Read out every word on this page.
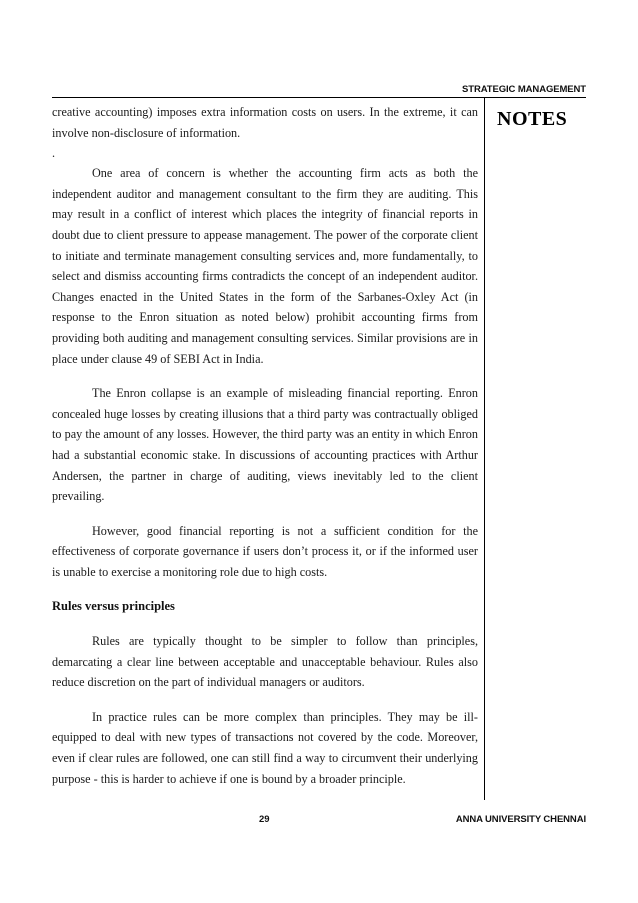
STRATEGIC MANAGEMENT
NOTES

creative accounting) imposes extra information costs on users. In the extreme, it can involve non-disclosure of information.

.

One area of concern is whether the accounting firm acts as both the independent auditor and management consultant to the firm they are auditing. This may result in a conflict of interest which places the integrity of financial reports in doubt due to client pressure to appease management. The power of the corporate client to initiate and terminate management consulting services and, more fundamentally, to select and dismiss accounting firms contradicts the concept of an independent auditor. Changes enacted in the United States in the form of the Sarbanes-Oxley Act (in response to the Enron situation as noted below) prohibit accounting firms from providing both auditing and management consulting services. Similar provisions are in place under clause 49 of SEBI Act in India.

The Enron collapse is an example of misleading financial reporting. Enron concealed huge losses by creating illusions that a third party was contractually obliged to pay the amount of any losses. However, the third party was an entity in which Enron had a substantial economic stake. In discussions of accounting practices with Arthur Andersen, the partner in charge of auditing, views inevitably led to the client prevailing.

However, good financial reporting is not a sufficient condition for the effectiveness of corporate governance if users don’t process it, or if the informed user is unable to exercise a monitoring role due to high costs.

Rules versus principles

Rules are typically thought to be simpler to follow than principles, demarcating a clear line between acceptable and unacceptable behaviour. Rules also reduce discretion on the part of individual managers or auditors.

In practice rules can be more complex than principles. They may be ill-equipped to deal with new types of transactions not covered by the code. Moreover, even if clear rules are followed, one can still find a way to circumvent their underlying purpose - this is harder to achieve if one is bound by a broader principle.

29	ANNA UNIVERSITY CHENNAI
